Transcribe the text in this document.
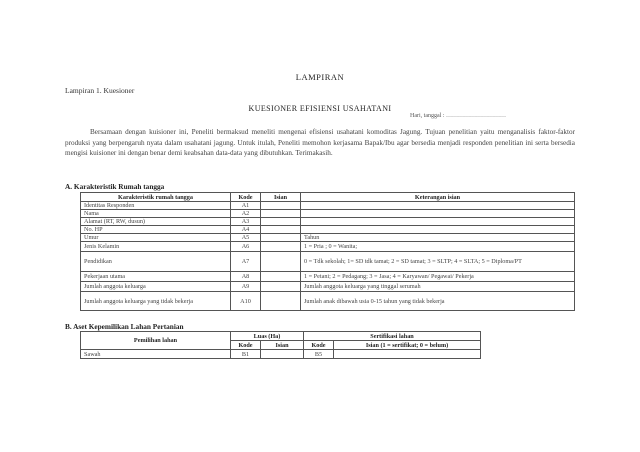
LAMPIRAN
Lampiran 1. Kuesioner
KUESIONER EFISIENSI USAHATANI
Hari, tanggal : …………………………
Bersamaan dengan kuisioner ini, Peneliti bermaksud meneliti mengenai efisiensi usahatani komoditas Jagung. Tujuan penelitian yaitu menganalisis faktor-faktor produksi yang berpengaruh nyata dalam usahatani jagung. Untuk itulah, Peneliti memohon kerjasama Bapak/Ibu agar bersedia menjadi responden penelitian ini serta bersedia mengisi kuisioner ini dengan benar demi keabsahan data-data yang dibutuhkan. Terimakasih.
A. Karakteristik Rumah tangga
Karakteristik rumah tangga	Kode	Isian	Keterangan isian
Identitas Responden	A1		
Nama	A2		
Alamat (RT, RW, dusun)	A3		
No. HP	A4		
Umur	A5		Tahun
Jenis Kelamin	A6		1 = Pria ; 0 = Wanita;
Pendidikan	A7		0 = Tdk sekolah; 1= SD tdk tamat; 2 = SD tamat; 3 = SLTP; 4 = SLTA; 5 = Diploma/PT
Pekerjaan utama	A8		1 = Petani; 2 = Pedagang; 3 = Jasa; 4 = Karyawan/ Pegawai/ Pekerja
Jumlah anggota keluarga	A9		Jumlah anggota keluarga yang tinggal serumah
Jumlah anggota keluarga yang tidak bekerja	A10		Jumlah anak dibawah usia 0-15 tahun yang tidak bekerja
B. Aset Kepemilikan Lahan Pertanian
Pemilihan lahan	Luas (Ha)		Sertifikasi lahan	
	Kode	Isian	Kode	Isian (1 = sertifikat; 0 = belum)
Sawah	B1		B5	
